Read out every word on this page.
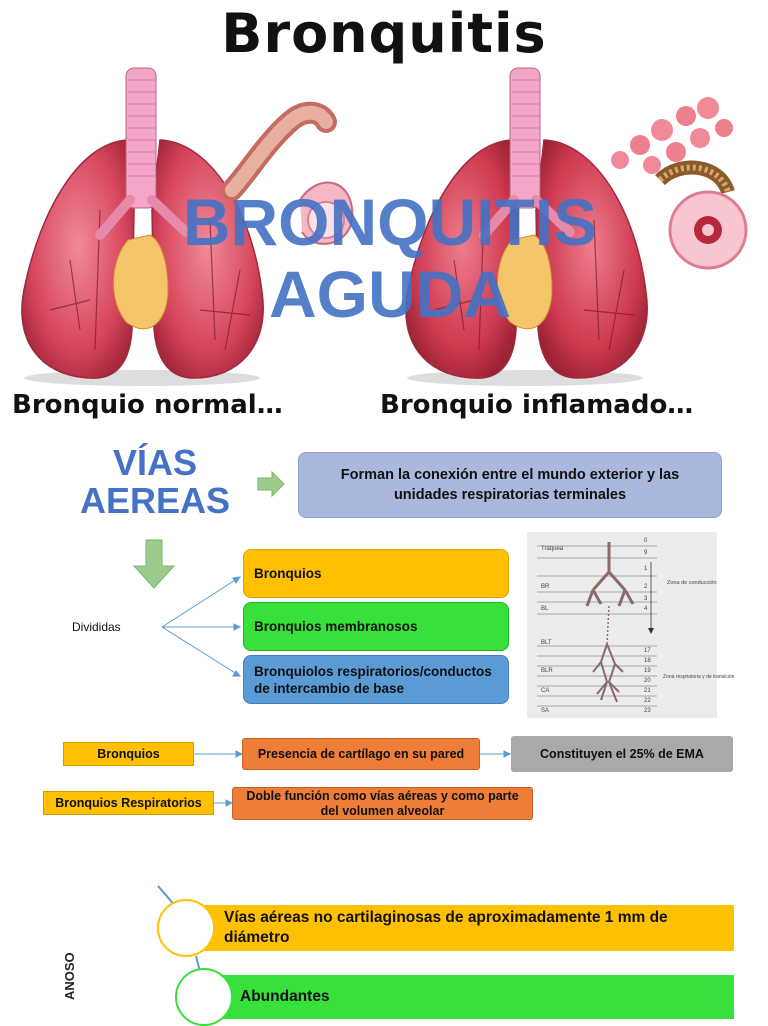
Bronquitis
BRONQUITIS
AGUDA
Bronquio normal…	Bronquio inflamado…
VÍAS
AEREAS
Forman la conexión entre el mundo exterior y las unidades respiratorias terminales
Divididas
Bronquios
Bronquios membranosos
Bronquiolos respiratorios/conductos de intercambio de base
Tráquea
BR
BL
BLT
BLR
CA
SA
0
9
1
2
3
4
17
18
19
20
21
22
23
Zona de conducción
Zona respiratoria y de transición
Bronquios	Presencia de cartílago en su pared	Constituyen el 25% de EMA
Bronquios Respiratorios
Doble función como vías aéreas y como parte del volumen alveolar
ANOSO
Vías aéreas no cartilaginosas de aproximadamente 1 mm de diámetro
Abundantes
